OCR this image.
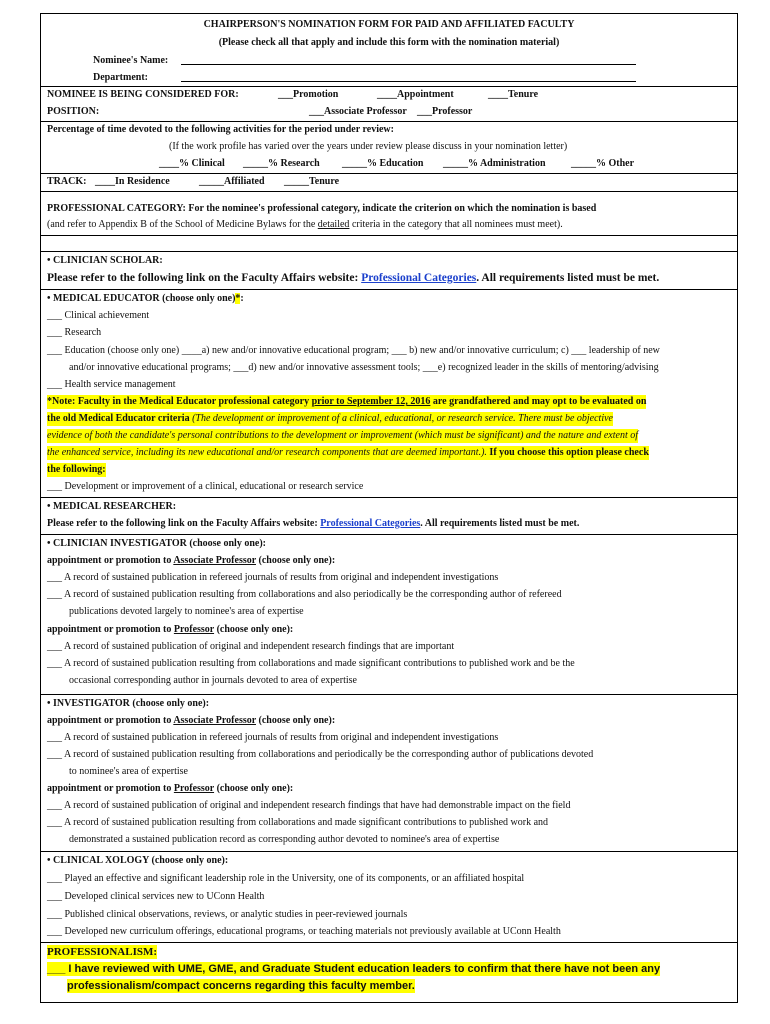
CHAIRPERSON'S NOMINATION FORM FOR PAID AND AFFILIATED FACULTY
(Please check all that apply and include this form with the nomination material)
Nominee's Name:
Department:
NOMINEE IS BEING CONSIDERED FOR:	___Promotion	____Appointment	____Tenure
POSITION:	___Associate Professor ___Professor
Percentage of time devoted to the following activities for the period under review:
(If the work profile has varied over the years under review please discuss in your nomination letter)
____% Clinical _____% Research _____% Education _____% Administration	_____% Other
TRACK: ____In Residence	_____Affiliated _____Tenure
PROFESSIONAL CATEGORY: For the nominee's professional category, indicate the criterion on which the nomination is based
(and refer to Appendix B of the School of Medicine Bylaws for the detailed criteria in the category that all nominees must meet).
• CLINICIAN SCHOLAR:
Please refer to the following link on the Faculty Affairs website: Professional Categories. All requirements listed must be met.
• MEDICAL EDUCATOR (choose only one)*:
___ Clinical achievement
___ Research
___ Education (choose only one) ____a) new and/or innovative educational program; ___ b) new and/or innovative curriculum; c) ___ leadership of new
and/or innovative educational programs; ___d) new and/or innovative assessment tools; ___e) recognized leader in the skills of mentoring/advising
___ Health service management
*Note: Faculty in the Medical Educator professional category prior to September 12, 2016 are grandfathered and may opt to be evaluated on
the old Medical Educator criteria (The development or improvement of a clinical, educational, or research service. There must be objective
evidence of both the candidate's personal contributions to the development or improvement (which must be significant) and the nature and extent of
the enhanced service, including its new educational and/or research components that are deemed important.). If you choose this option please check
the following:
___ Development or improvement of a clinical, educational or research service
• MEDICAL RESEARCHER:
Please refer to the following link on the Faculty Affairs website: Professional Categories. All requirements listed must be met.
• CLINICIAN INVESTIGATOR (choose only one):
appointment or promotion to Associate Professor (choose only one):
___ A record of sustained publication in refereed journals of results from original and independent investigations
___ A record of sustained publication resulting from collaborations and also periodically be the corresponding author of refereed
publications devoted largely to nominee's area of expertise
appointment or promotion to Professor (choose only one):
___ A record of sustained publication of original and independent research findings that are important
___ A record of sustained publication resulting from collaborations and made significant contributions to published work and be the
occasional corresponding author in journals devoted to area of expertise
• INVESTIGATOR (choose only one):
appointment or promotion to Associate Professor (choose only one):
___ A record of sustained publication in refereed journals of results from original and independent investigations
___ A record of sustained publication resulting from collaborations and periodically be the corresponding author of publications devoted
to nominee's area of expertise
appointment or promotion to Professor (choose only one):
___ A record of sustained publication of original and independent research findings that have had demonstrable impact on the field
___ A record of sustained publication resulting from collaborations and made significant contributions to published work and
demonstrated a sustained publication record as corresponding author devoted to nominee's area of expertise
• CLINICAL XOLOGY (choose only one):
___ Played an effective and significant leadership role in the University, one of its components, or an affiliated hospital
___ Developed clinical services new to UConn Health
___ Published clinical observations, reviews, or analytic studies in peer-reviewed journals
___ Developed new curriculum offerings, educational programs, or teaching materials not previously available at UConn Health
PROFESSIONALISM:
___ I have reviewed with UME, GME, and Graduate Student education leaders to confirm that there have not been any
professionalism/compact concerns regarding this faculty member.
